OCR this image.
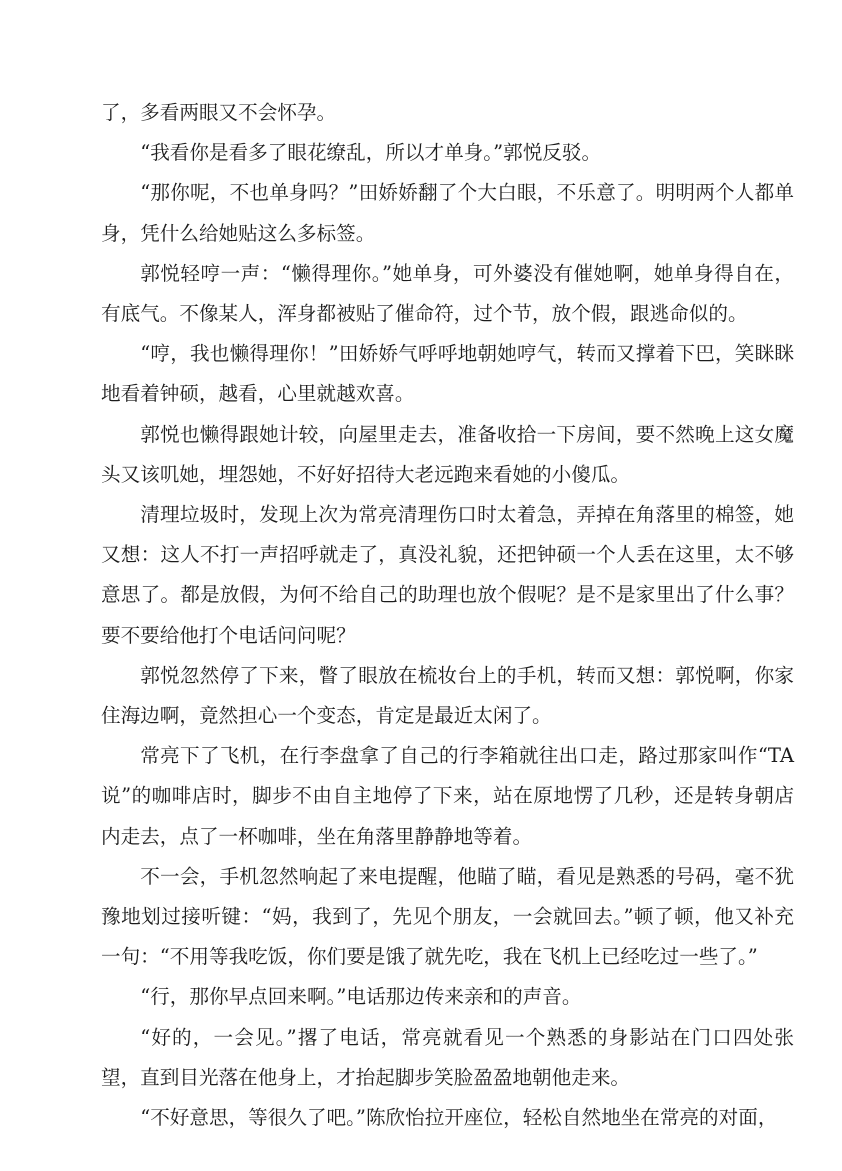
了，多看两眼又不会怀孕。

“我看你是看多了眼花缭乱，所以才单身。”郭悦反驳。

“那你呢，不也单身吗？”田娇娇翻了个大白眼，不乐意了。明明两个人都单身，凭什么给她贴这么多标签。

郭悦轻哼一声：“懒得理你。”她单身，可外婆没有催她啊，她单身得自在，有底气。不像某人，浑身都被贴了催命符，过个节，放个假，跟逃命似的。

“哼，我也懒得理你！”田娇娇气呼呼地朝她哼气，转而又撑着下巴，笑眯眯地看着钟硕，越看，心里就越欢喜。

郭悦也懒得跟她计较，向屋里走去，准备收拾一下房间，要不然晚上这女魔头又该叽她，埋怨她，不好好招待大老远跑来看她的小傻瓜。

清理垃圾时，发现上次为常亮清理伤口时太着急，弄掉在角落里的棉签，她又想：这人不打一声招呼就走了，真没礼貌，还把钟硕一个人丢在这里，太不够意思了。都是放假，为何不给自己的助理也放个假呢？是不是家里出了什么事？要不要给他打个电话问问呢？

郭悦忽然停了下来，瞥了眼放在梳妆台上的手机，转而又想：郭悦啊，你家住海边啊，竟然担心一个变态，肯定是最近太闲了。

常亮下了飞机，在行李盘拿了自己的行李箱就往出口走，路过那家叫作“TA说”的咖啡店时，脚步不由自主地停了下来，站在原地愣了几秒，还是转身朝店内走去，点了一杯咖啡，坐在角落里静静地等着。

不一会，手机忽然响起了来电提醒，他瞄了瞄，看见是熟悉的号码，毫不犹豫地划过接听键：“妈，我到了，先见个朋友，一会就回去。”顿了顿，他又补充一句：“不用等我吃饭，你们要是饿了就先吃，我在飞机上已经吃过一些了。”

“行，那你早点回来啊。”电话那边传来亲和的声音。

“好的，一会见。”撂了电话，常亮就看见一个熟悉的身影站在门口四处张望，直到目光落在他身上，才抬起脚步笑脸盈盈地朝他走来。

“不好意思，等很久了吧。”陈欣怡拉开座位，轻松自然地坐在常亮的对面，
